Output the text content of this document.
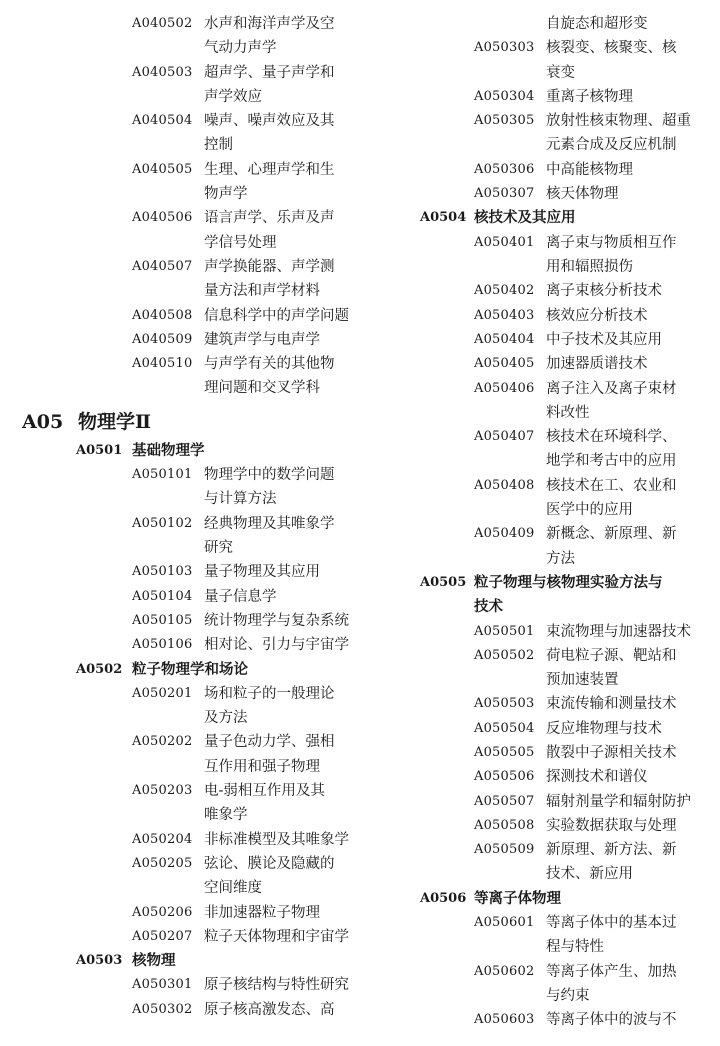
A040502 水声和海洋声学及空
气动力声学
A040503 超声学、量子声学和
声学效应
A040504 噪声、噪声效应及其
控制
A040505 生理、心理声学和生
物声学
A040506 语言声学、乐声及声
学信号处理
A040507 声学换能器、声学测
量方法和声学材料
A040508 信息科学中的声学问题
A040509 建筑声学与电声学
A040510 与声学有关的其他物
理问题和交叉学科
A05 物理学Ⅱ
A0501 基础物理学
A050101 物理学中的数学问题
与计算方法
A050102 经典物理及其唯象学
研究
A050103 量子物理及其应用
A050104 量子信息学
A050105 统计物理学与复杂系统
A050106 相对论、引力与宇宙学
A0502 粒子物理学和场论
A050201 场和粒子的一般理论
及方法
A050202 量子色动力学、强相
互作用和强子物理
A050203 电-弱相互作用及其
唯象学
A050204 非标准模型及其唯象学
A050205 弦论、膜论及隐藏的
空间维度
A050206 非加速器粒子物理
A050207 粒子天体物理和宇宙学
A0503 核物理
A050301 原子核结构与特性研究
A050302 原子核高激发态、高
自旋态和超形变
A050303 核裂变、核聚变、核
衰变
A050304 重离子核物理
A050305 放射性核束物理、超重
元素合成及反应机制
A050306 中高能核物理
A050307 核天体物理
A0504 核技术及其应用
A050401 离子束与物质相互作
用和辐照损伤
A050402 离子束核分析技术
A050403 核效应分析技术
A050404 中子技术及其应用
A050405 加速器质谱技术
A050406 离子注入及离子束材
料改性
A050407 核技术在环境科学、
地学和考古中的应用
A050408 核技术在工、农业和
医学中的应用
A050409 新概念、新原理、新
方法
A0505 粒子物理与核物理实验方法与
技术
A050501 束流物理与加速器技术
A050502 荷电粒子源、靶站和
预加速装置
A050503 束流传输和测量技术
A050504 反应堆物理与技术
A050505 散裂中子源相关技术
A050506 探测技术和谱仪
A050507 辐射剂量学和辐射防护
A050508 实验数据获取与处理
A050509 新原理、新方法、新
技术、新应用
A0506 等离子体物理
A050601 等离子体中的基本过
程与特性
A050602 等离子体产生、加热
与约束
A050603 等离子体中的波与不
